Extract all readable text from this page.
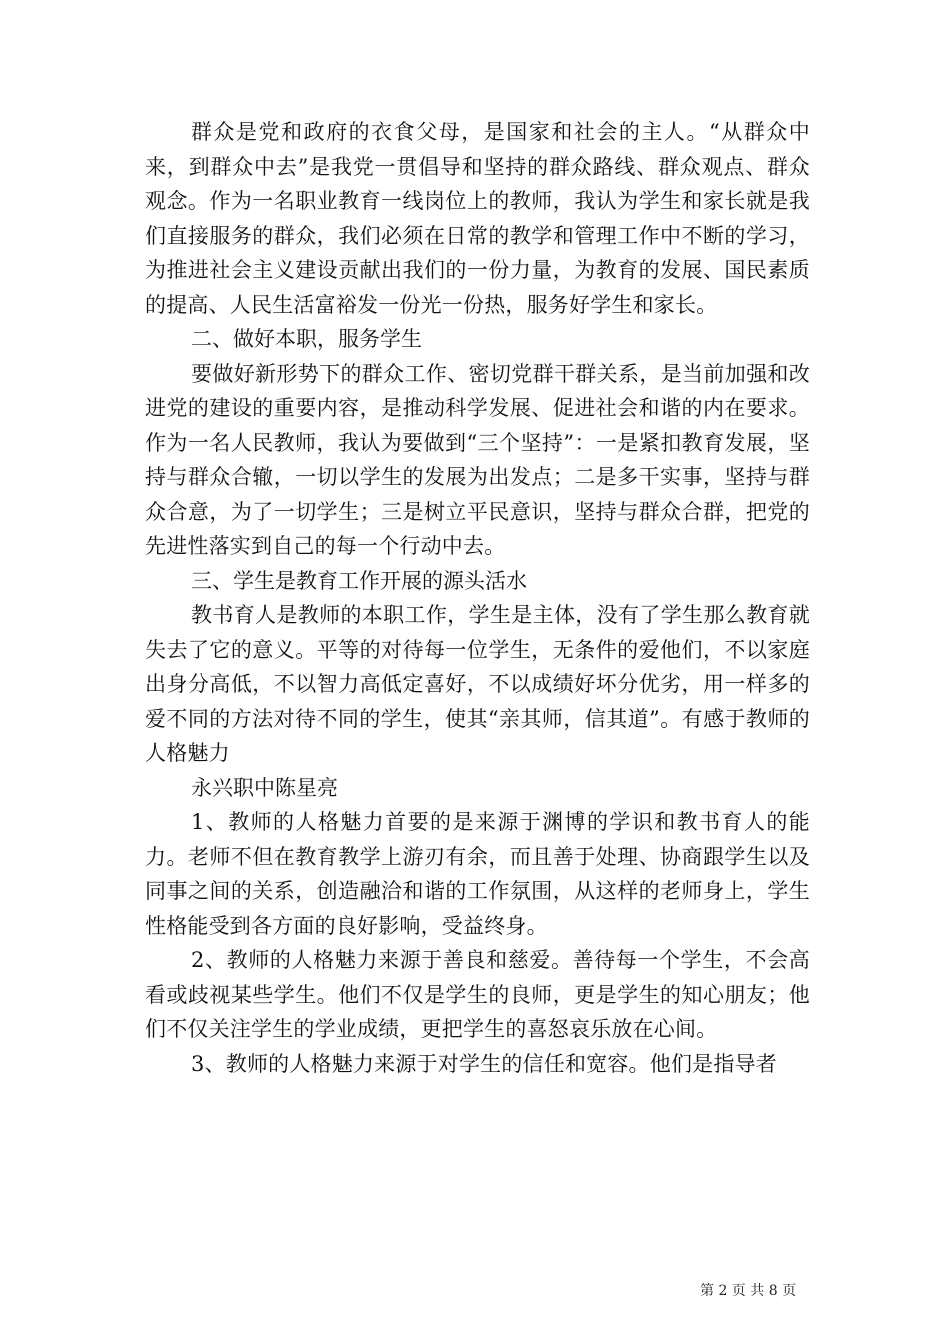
群众是党和政府的衣食父母，是国家和社会的主人。“从群众中来，到群众中去”是我党一贯倡导和坚持的群众路线、群众观点、群众观念。作为一名职业教育一线岗位上的教师，我认为学生和家长就是我们直接服务的群众，我们必须在日常的教学和管理工作中不断的学习，为推进社会主义建设贡献出我们的一份力量，为教育的发展、国民素质的提高、人民生活富裕发一份光一份热，服务好学生和家长。

二、做好本职，服务学生

要做好新形势下的群众工作、密切党群干群关系，是当前加强和改进党的建设的重要内容，是推动科学发展、促进社会和谐的内在要求。作为一名人民教师，我认为要做到“三个坚持”：一是紧扣教育发展，坚持与群众合辙，一切以学生的发展为出发点；二是多干实事，坚持与群众合意，为了一切学生；三是树立平民意识，坚持与群众合群，把党的先进性落实到自己的每一个行动中去。

三、学生是教育工作开展的源头活水

教书育人是教师的本职工作，学生是主体，没有了学生那么教育就失去了它的意义。平等的对待每一位学生，无条件的爱他们，不以家庭出身分高低，不以智力高低定喜好，不以成绩好坏分优劣，用一样多的爱不同的方法对待不同的学生，使其“亲其师，信其道”。有感于教师的人格魅力

永兴职中陈星亮

1、教师的人格魅力首要的是来源于渊博的学识和教书育人的能力。老师不但在教育教学上游刃有余，而且善于处理、协商跟学生以及同事之间的关系，创造融洽和谐的工作氛围，从这样的老师身上，学生性格能受到各方面的良好影响，受益终身。

2、教师的人格魅力来源于善良和慈爱。善待每一个学生，不会高看或歧视某些学生。他们不仅是学生的良师，更是学生的知心朋友；他们不仅关注学生的学业成绩，更把学生的喜怒哀乐放在心间。

3、教师的人格魅力来源于对学生的信任和宽容。他们是指导者

第 2 页 共 8 页
